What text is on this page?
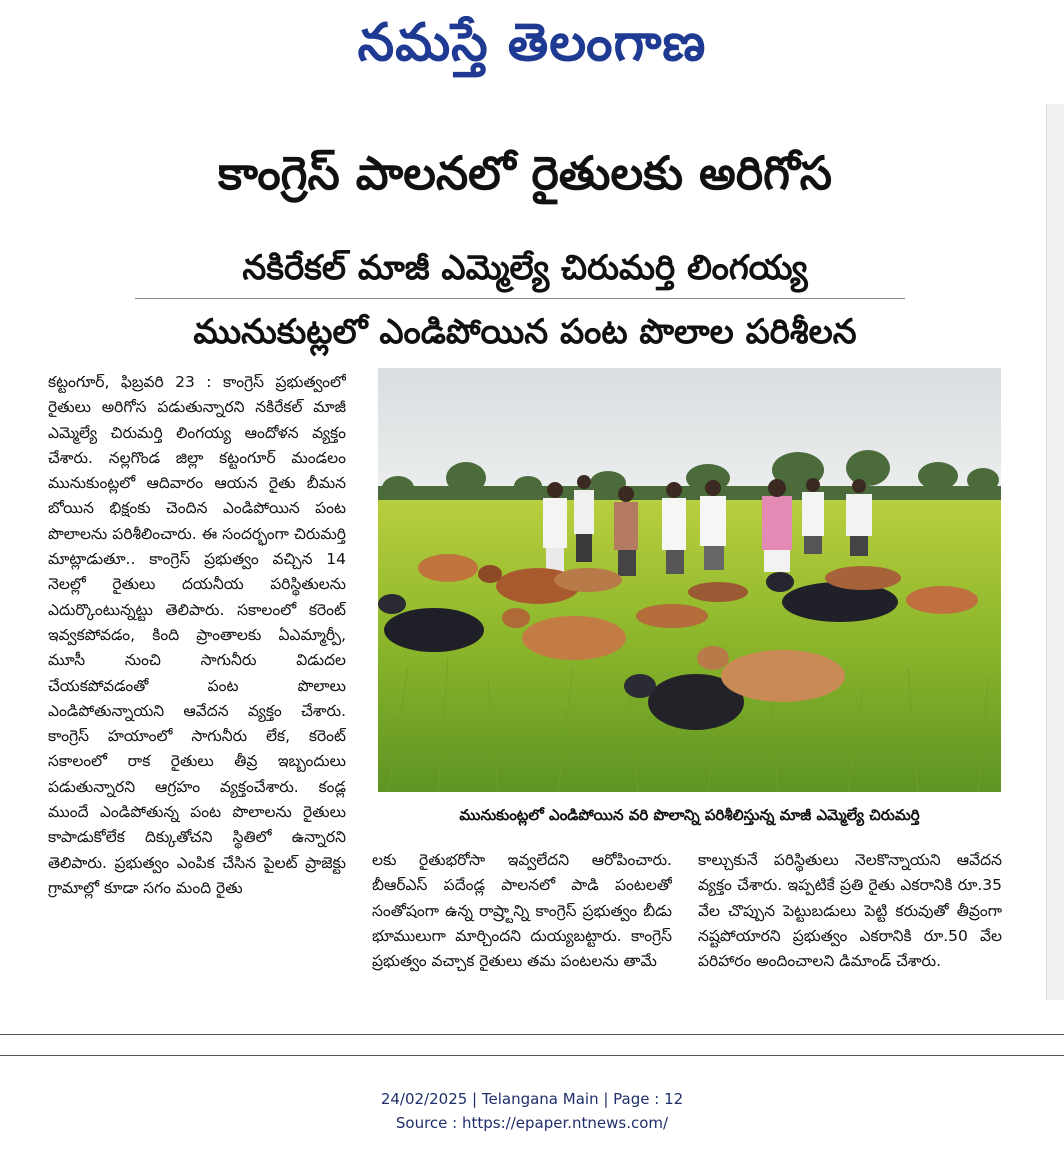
నమస్తే తెలంగాణ
కాంగ్రెస్ పాలనలో రైతులకు అరిగోస
నకిరేకల్ మాజీ ఎమ్మెల్యే చిరుమర్తి లింగయ్య
మునుకుట్లలో ఎండిపోయిన పంట పొలాల పరిశీలన
కట్టంగూర్, ఫిబ్రవరి 23 : కాంగ్రెస్ ప్రభుత్వంలో రైతులు అరిగోస పడుతున్నారని నకిరేకల్ మాజీ ఎమ్మెల్యే చిరుమర్తి లింగయ్య ఆందోళన వ్యక్తం చేశారు. నల్లగొండ జిల్లా కట్టంగూర్ మండలం మునుకుంట్లలో ఆదివారం ఆయన రైతు బీమన బోయిన భిక్షంకు చెందిన ఎండిపోయిన పంట పొలాలను పరిశీలించారు. ఈ సందర్భంగా చిరుమర్తి మాట్లాడుతూ.. కాంగ్రెస్ ప్రభుత్వం వచ్చిన 14 నెలల్లో రైతులు దయనీయ పరిస్థితులను ఎదుర్కొంటున్నట్టు తెలిపారు. సకాలంలో కరెంట్ ఇవ్వకపోవడం, కింది ప్రాంతాలకు ఏఎమ్మార్పీ, మూసీ నుంచి సాగునీరు విడుదల చేయకపోవడంతో పంట పొలాలు ఎండిపోతున్నాయని ఆవేదన వ్యక్తం చేశారు. కాంగ్రెస్ హయాంలో సాగునీరు లేక, కరెంట్ సకాలంలో రాక రైతులు తీవ్ర ఇబ్బందులు పడుతున్నారని ఆగ్రహం వ్యక్తంచేశారు. కండ్ల ముందే ఎండిపోతున్న పంట పొలాలను రైతులు కాపాడుకోలేక దిక్కుతోచని స్థితిలో ఉన్నారని తెలిపారు. ప్రభుత్వం ఎంపిక చేసిన పైలట్ ప్రాజెక్టు గ్రామాల్లో కూడా సగం మంది రైతు
మునుకుంట్లలో ఎండిపోయిన వరి పొలాన్ని పరిశీలిస్తున్న మాజీ ఎమ్మెల్యే చిరుమర్తి
లకు రైతుభరోసా ఇవ్వలేదని ఆరోపించారు. బీఆర్ఎస్ పదేండ్ల పాలనలో పాడి పంటలతో సంతోషంగా ఉన్న రాష్ర్టాన్ని కాంగ్రెస్ ప్రభుత్వం బీడు భూములుగా మార్చిందని దుయ్యబట్టారు. కాంగ్రెస్ ప్రభుత్వం వచ్చాక రైతులు తమ పంటలను తామే
కాల్చుకునే పరిస్థితులు నెలకొన్నాయని ఆవేదన వ్యక్తం చేశారు. ఇప్పటికే ప్రతి రైతు ఎకరానికి రూ.35 వేల చొప్పున పెట్టుబడులు పెట్టి కరువుతో తీవ్రంగా నష్టపోయారని ప్రభుత్వం ఎకరానికి రూ.50 వేల పరిహారం అందించాలని డిమాండ్ చేశారు.
24/02/2025 | Telangana Main | Page : 12
Source : https://epaper.ntnews.com/
